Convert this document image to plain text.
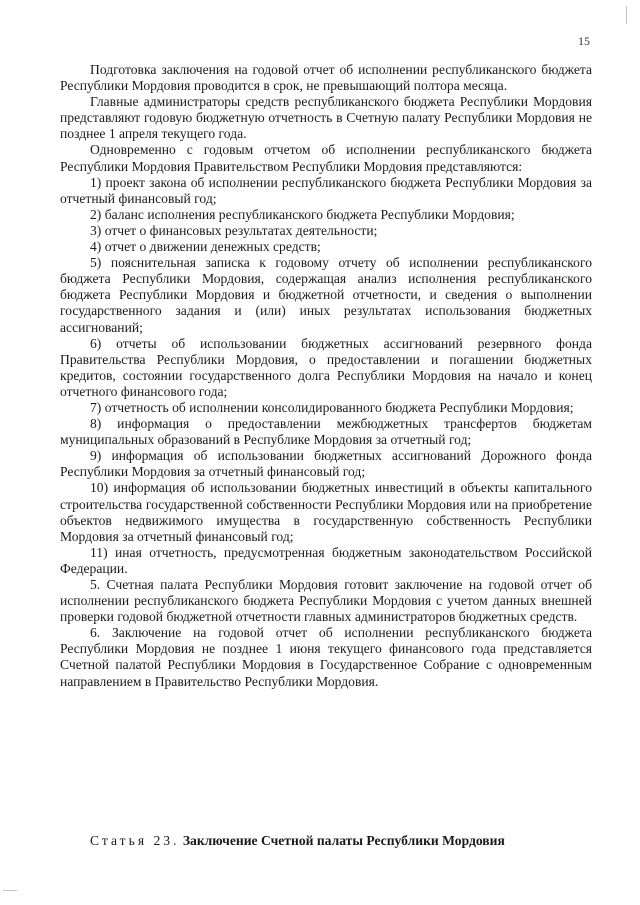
15

Подготовка заключения на годовой отчет об исполнении республиканского бюджета Республики Мордовия проводится в срок, не превышающий полтора месяца.

Главные администраторы средств республиканского бюджета Республики Мордовия представляют годовую бюджетную отчетность в Счетную палату Республики Мордовия не позднее 1 апреля текущего года.

Одновременно с годовым отчетом об исполнении республиканского бюджета Республики Мордовия Правительством Республики Мордовия представляются:

1) проект закона об исполнении республиканского бюджета Республики Мордовия за отчетный финансовый год;

2) баланс исполнения республиканского бюджета Республики Мордовия;

3) отчет о финансовых результатах деятельности;

4) отчет о движении денежных средств;

5) пояснительная записка к годовому отчету об исполнении республиканского бюджета Республики Мордовия, содержащая анализ исполнения республиканского бюджета Республики Мордовия и бюджетной отчетности, и сведения о выполнении государственного задания и (или) иных результатах использования бюджетных ассигнований;

6) отчеты об использовании бюджетных ассигнований резервного фонда Правительства Республики Мордовия, о предоставлении и погашении бюджетных кредитов, состоянии государственного долга Республики Мордовия на начало и конец отчетного финансового года;

7) отчетность об исполнении консолидированного бюджета Республики Мордовия;

8) информация о предоставлении межбюджетных трансфертов бюджетам муниципальных образований в Республике Мордовия за отчетный год;

9) информация об использовании бюджетных ассигнований Дорожного фонда Республики Мордовия за отчетный финансовый год;

10) информация об использовании бюджетных инвестиций в объекты капитального строительства государственной собственности Республики Мордовия или на приобретение объектов недвижимого имущества в государственную собственность Республики Мордовия за отчетный финансовый год;

11) иная отчетность, предусмотренная бюджетным законодательством Российской Федерации.

5. Счетная палата Республики Мордовия готовит заключение на годовой отчет об исполнении республиканского бюджета Республики Мордовия с учетом данных внешней проверки годовой бюджетной отчетности главных администраторов бюджетных средств.

6. Заключение на годовой отчет об исполнении республиканского бюджета Республики Мордовия не позднее 1 июня текущего финансового года представляется Счетной палатой Республики Мордовия в Государственное Собрание с одновременным направлением в Правительство Республики Мордовия.

Статья 23. Заключение Счетной палаты Республики Мордовия
